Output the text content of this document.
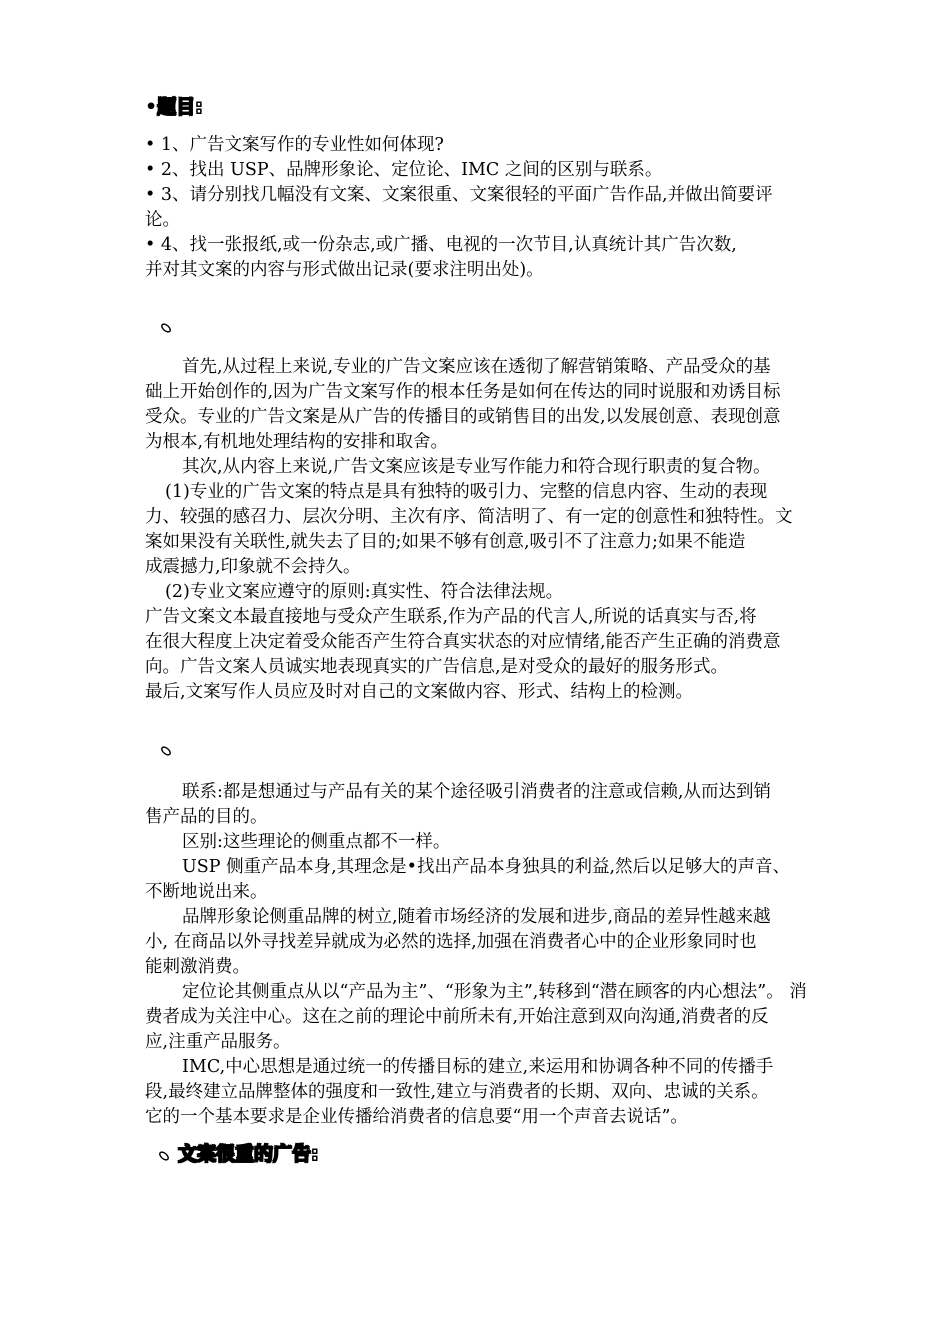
•题目:
• 1、广告文案写作的专业性如何体现?
• 2、找出 USP、品牌形象论、定位论、IMC 之间的区别与联系。
• 3、请分别找几幅没有文案、文案很重、文案很轻的平面广告作品,并做出简要评
论。
• 4、找一张报纸,或一份杂志,或广播、电视的一次节目,认真统计其广告次数,
并对其文案的内容与形式做出记录(要求注明出处)。
首先,从过程上来说,专业的广告文案应该在透彻了解营销策略、产品受众的基
础上开始创作的,因为广告文案写作的根本任务是如何在传达的同时说服和劝诱目标
受众。专业的广告文案是从广告的传播目的或销售目的出发,以发展创意、表现创意
为根本,有机地处理结构的安排和取舍。
其次,从内容上来说,广告文案应该是专业写作能力和符合现行职责的复合物。
(1)专业的广告文案的特点是具有独特的吸引力、完整的信息内容、生动的表现
力、较强的感召力、层次分明、主次有序、简洁明了、有一定的创意性和独特性。文
案如果没有关联性,就失去了目的;如果不够有创意,吸引不了注意力;如果不能造
成震撼力,印象就不会持久。
(2)专业文案应遵守的原则:真实性、符合法律法规。
广告文案文本最直接地与受众产生联系,作为产品的代言人,所说的话真实与否,将
在很大程度上决定着受众能否产生符合真实状态的对应情绪,能否产生正确的消费意
向。广告文案人员诚实地表现真实的广告信息,是对受众的最好的服务形式。
最后,文案写作人员应及时对自己的文案做内容、形式、结构上的检测。
联系:都是想通过与产品有关的某个途径吸引消费者的注意或信赖,从而达到销
售产品的目的。
区别:这些理论的侧重点都不一样。
USP 侧重产品本身,其理念是•找出产品本身独具的利益,然后以足够大的声音、
不断地说出来。
品牌形象论侧重品牌的树立,随着市场经济的发展和进步,商品的差异性越来越
小, 在商品以外寻找差异就成为必然的选择,加强在消费者心中的企业形象同时也
能刺激消费。
定位论其侧重点从以“产品为主”、“形象为主”,转移到“潜在顾客的内心想法”。 消
费者成为关注中心。这在之前的理论中前所未有,开始注意到双向沟通,消费者的反
应,注重产品服务。
IMC,中心思想是通过统一的传播目标的建立,来运用和协调各种不同的传播手
段,最终建立品牌整体的强度和一致性,建立与消费者的长期、双向、忠诚的关系。
它的一个基本要求是企业传播给消费者的信息要“用一个声音去说话”。
文案很重的广告:
